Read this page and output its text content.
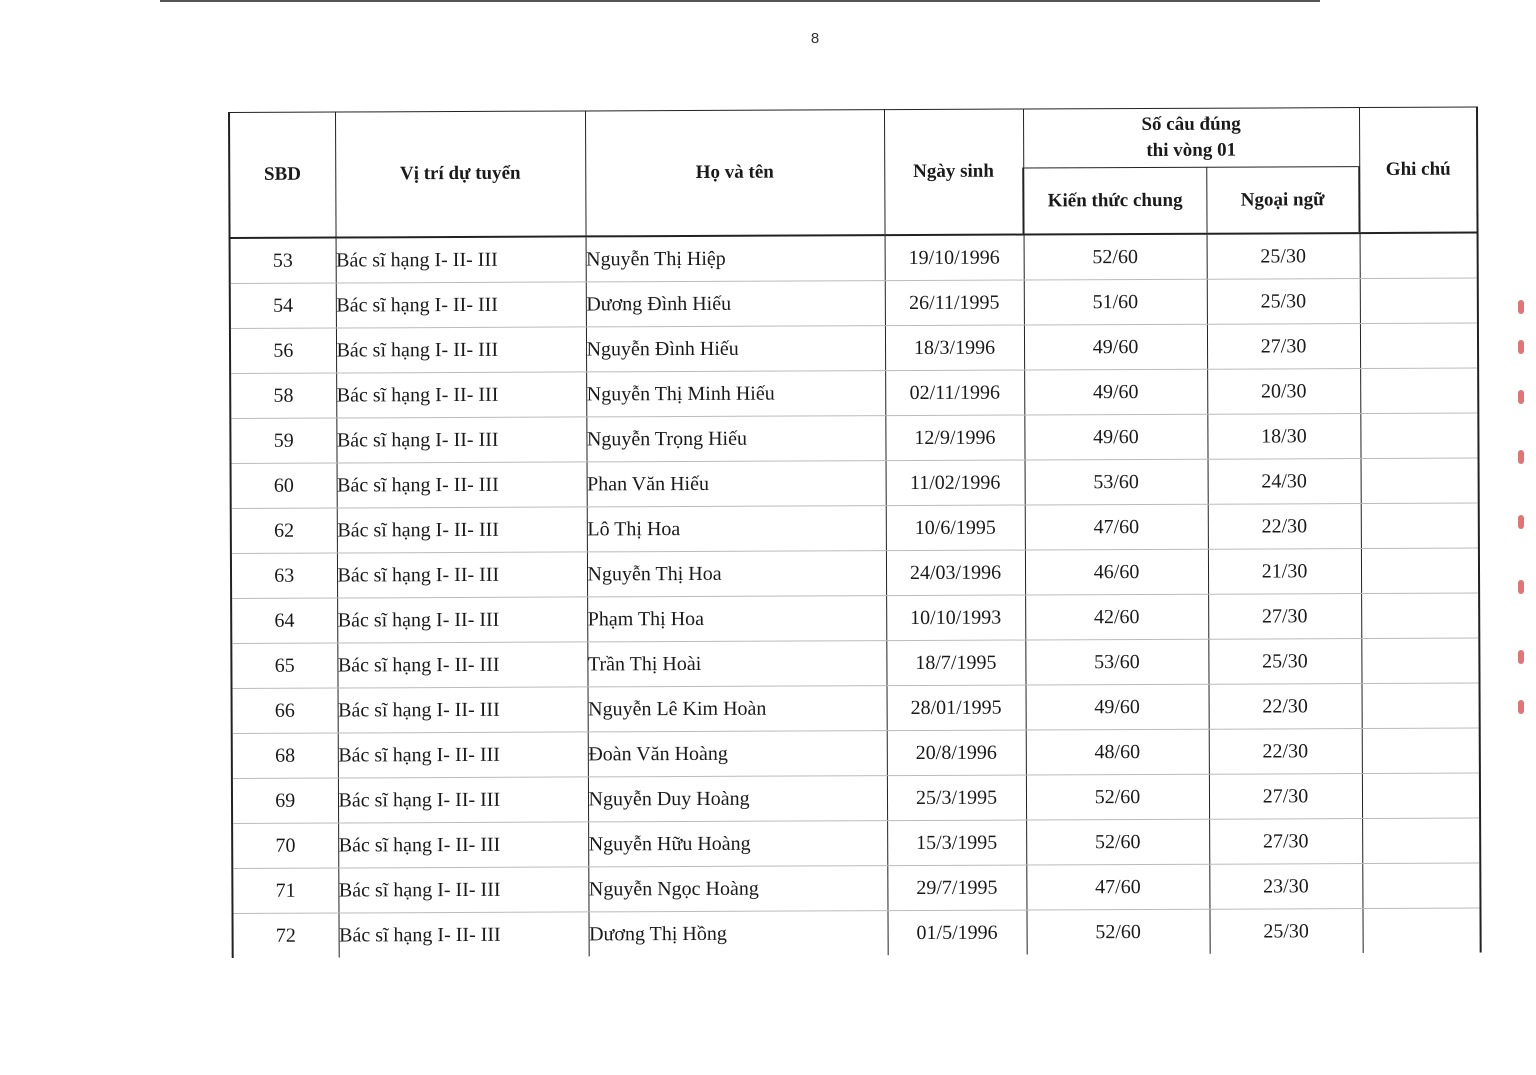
8
SBD	Vị trí dự tuyển	Họ và tên	Ngày sinh	Số câu đúng
thi vòng 01		Ghi chú
				Kiến thức chung	Ngoại ngữ	
53	Bác sĩ hạng I- II- III	Nguyễn Thị Hiệp	19/10/1996	52/60	25/30	
54	Bác sĩ hạng I- II- III	Dương Đình Hiếu	26/11/1995	51/60	25/30	
56	Bác sĩ hạng I- II- III	Nguyễn Đình Hiếu	18/3/1996	49/60	27/30	
58	Bác sĩ hạng I- II- III	Nguyễn Thị Minh Hiếu	02/11/1996	49/60	20/30	
59	Bác sĩ hạng I- II- III	Nguyễn Trọng Hiếu	12/9/1996	49/60	18/30	
60	Bác sĩ hạng I- II- III	Phan Văn Hiếu	11/02/1996	53/60	24/30	
62	Bác sĩ hạng I- II- III	Lô Thị Hoa	10/6/1995	47/60	22/30	
63	Bác sĩ hạng I- II- III	Nguyễn Thị Hoa	24/03/1996	46/60	21/30	
64	Bác sĩ hạng I- II- III	Phạm Thị Hoa	10/10/1993	42/60	27/30	
65	Bác sĩ hạng I- II- III	Trần Thị Hoài	18/7/1995	53/60	25/30	
66	Bác sĩ hạng I- II- III	Nguyễn Lê Kim Hoàn	28/01/1995	49/60	22/30	
68	Bác sĩ hạng I- II- III	Đoàn Văn Hoàng	20/8/1996	48/60	22/30	
69	Bác sĩ hạng I- II- III	Nguyễn Duy Hoàng	25/3/1995	52/60	27/30	
70	Bác sĩ hạng I- II- III	Nguyễn Hữu Hoàng	15/3/1995	52/60	27/30	
71	Bác sĩ hạng I- II- III	Nguyễn Ngọc Hoàng	29/7/1995	47/60	23/30	
72	Bác sĩ hạng I- II- III	Dương Thị Hồng	01/5/1996	52/60	25/30	
